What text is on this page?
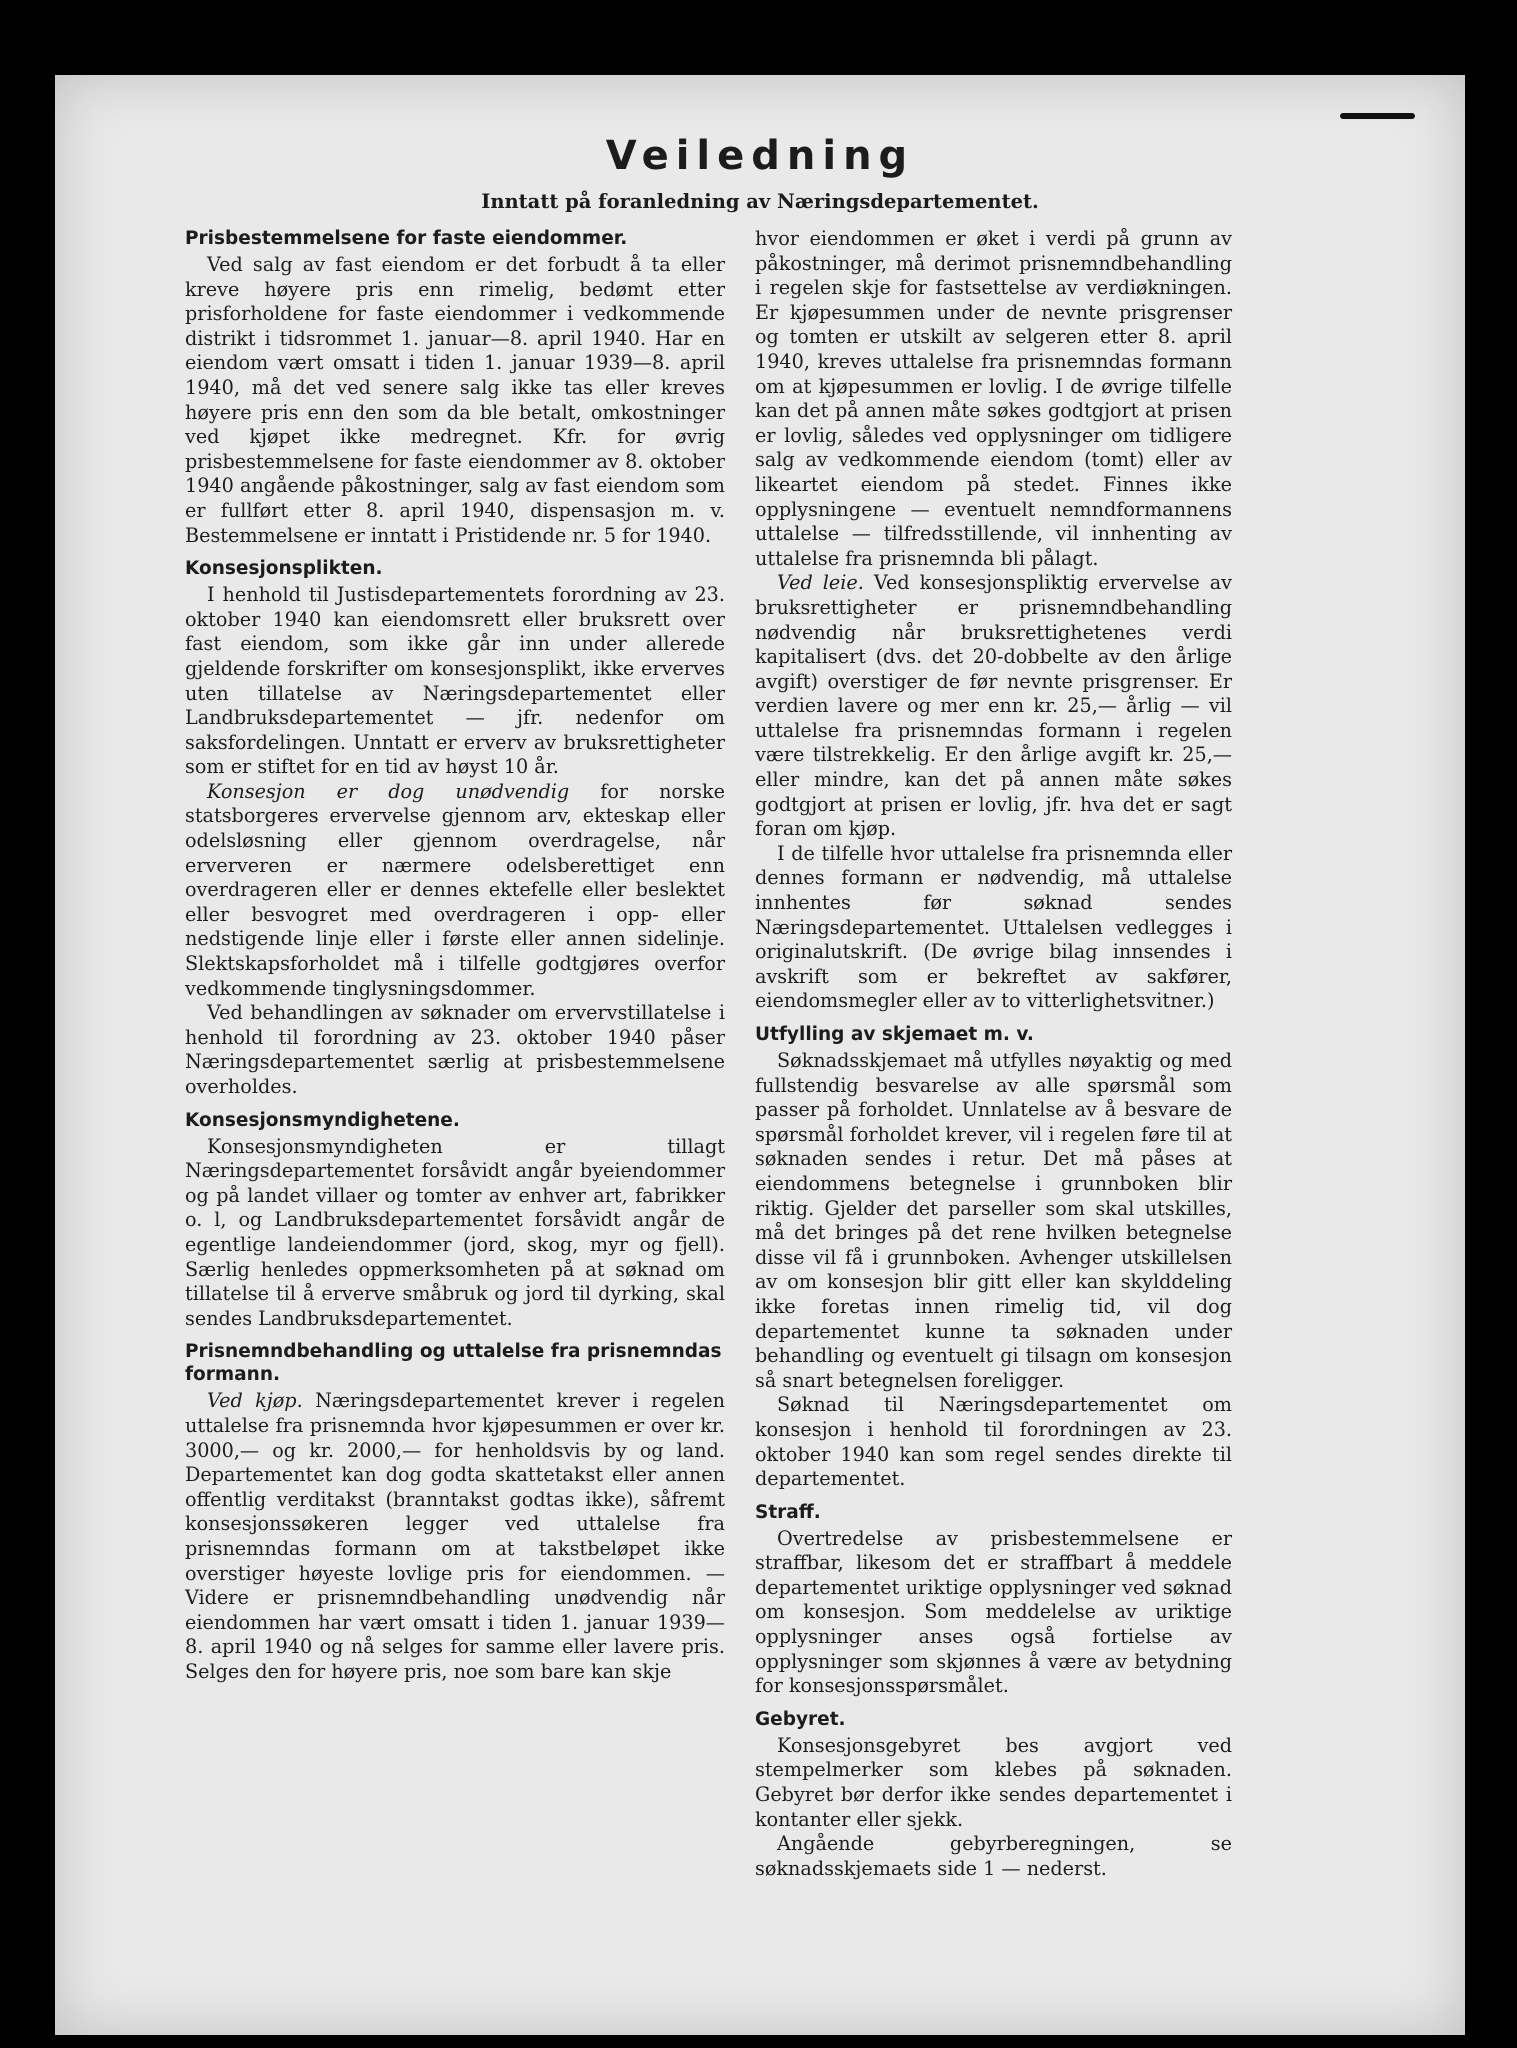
Veiledning

Inntatt på foranledning av Næringsdepartementet.

Prisbestemmelsene for faste eiendommer.

Ved salg av fast eiendom er det forbudt å ta eller kreve høyere pris enn rimelig, bedømt etter prisforholdene for faste eiendommer i vedkommende distrikt i tidsrommet 1. januar—8. april 1940. Har en eiendom vært omsatt i tiden 1. januar 1939—8. april 1940, må det ved senere salg ikke tas eller kreves høyere pris enn den som da ble betalt, omkostninger ved kjøpet ikke medregnet. Kfr. for øvrig prisbestemmelsene for faste eiendommer av 8. oktober 1940 angående påkostninger, salg av fast eiendom som er fullført etter 8. april 1940, dispensasjon m. v. Bestemmelsene er inntatt i Pristidende nr. 5 for 1940.

Konsesjonsplikten.

I henhold til Justisdepartementets forordning av 23. oktober 1940 kan eiendomsrett eller bruksrett over fast eiendom, som ikke går inn under allerede gjeldende forskrifter om konsesjonsplikt, ikke erverves uten tillatelse av Næringsdepartementet eller Landbruksdepartementet — jfr. nedenfor om saksfordelingen. Unntatt er erverv av bruksrettigheter som er stiftet for en tid av høyst 10 år.

Konsesjon er dog unødvendig for norske statsborgeres ervervelse gjennom arv, ekteskap eller odelsløsning eller gjennom overdragelse, når erververen er nærmere odelsberettiget enn overdrageren eller er dennes ektefelle eller beslektet eller besvogret med overdrageren i opp- eller nedstigende linje eller i første eller annen sidelinje. Slektskapsforholdet må i tilfelle godtgjøres overfor vedkommende tinglysningsdommer.

Ved behandlingen av søknader om ervervstillatelse i henhold til forordning av 23. oktober 1940 påser Næringsdepartementet særlig at prisbestemmelsene overholdes.

Konsesjonsmyndighetene.

Konsesjonsmyndigheten er tillagt Næringsdepartementet forsåvidt angår byeiendommer og på landet villaer og tomter av enhver art, fabrikker o. l, og Landbruksdepartementet forsåvidt angår de egentlige landeiendommer (jord, skog, myr og fjell). Særlig henledes oppmerksomheten på at søknad om tillatelse til å erverve småbruk og jord til dyrking, skal sendes Landbruksdepartementet.

Prisnemndbehandling og uttalelse fra prisnemndas formann.

Ved kjøp. Næringsdepartementet krever i regelen uttalelse fra prisnemnda hvor kjøpesummen er over kr. 3000,— og kr. 2000,— for henholdsvis by og land. Departementet kan dog godta skattetakst eller annen offentlig verditakst (branntakst godtas ikke), såfremt konsesjonssøkeren legger ved uttalelse fra prisnemndas formann om at takstbeløpet ikke overstiger høyeste lovlige pris for eiendommen. — Videre er prisnemndbehandling unødvendig når eiendommen har vært omsatt i tiden 1. januar 1939—8. april 1940 og nå selges for samme eller lavere pris. Selges den for høyere pris, noe som bare kan skje

hvor eiendommen er øket i verdi på grunn av påkostninger, må derimot prisnemndbehandling i regelen skje for fastsettelse av verdiøkningen. Er kjøpesummen under de nevnte prisgrenser og tomten er utskilt av selgeren etter 8. april 1940, kreves uttalelse fra prisnemndas formann om at kjøpesummen er lovlig. I de øvrige tilfelle kan det på annen måte søkes godtgjort at prisen er lovlig, således ved opplysninger om tidligere salg av vedkommende eiendom (tomt) eller av likeartet eiendom på stedet. Finnes ikke opplysningene — eventuelt nemndformannens uttalelse — tilfredsstillende, vil innhenting av uttalelse fra prisnemnda bli pålagt.

Ved leie. Ved konsesjonspliktig ervervelse av bruksrettigheter er prisnemndbehandling nødvendig når bruksrettighetenes verdi kapitalisert (dvs. det 20-dobbelte av den årlige avgift) overstiger de før nevnte prisgrenser. Er verdien lavere og mer enn kr. 25,— årlig — vil uttalelse fra prisnemndas formann i regelen være tilstrekkelig. Er den årlige avgift kr. 25,— eller mindre, kan det på annen måte søkes godtgjort at prisen er lovlig, jfr. hva det er sagt foran om kjøp.

I de tilfelle hvor uttalelse fra prisnemnda eller dennes formann er nødvendig, må uttalelse innhentes før søknad sendes Næringsdepartementet. Uttalelsen vedlegges i originalutskrift. (De øvrige bilag innsendes i avskrift som er bekreftet av sakfører, eiendomsmegler eller av to vitterlighetsvitner.)

Utfylling av skjemaet m. v.

Søknadsskjemaet må utfylles nøyaktig og med fullstendig besvarelse av alle spørsmål som passer på forholdet. Unnlatelse av å besvare de spørsmål forholdet krever, vil i regelen føre til at søknaden sendes i retur. Det må påses at eiendommens betegnelse i grunnboken blir riktig. Gjelder det parseller som skal utskilles, må det bringes på det rene hvilken betegnelse disse vil få i grunnboken. Avhenger utskillelsen av om konsesjon blir gitt eller kan skylddeling ikke foretas innen rimelig tid, vil dog departementet kunne ta søknaden under behandling og eventuelt gi tilsagn om konsesjon så snart betegnelsen foreligger.

Søknad til Næringsdepartementet om konsesjon i henhold til forordningen av 23. oktober 1940 kan som regel sendes direkte til departementet.

Straff.

Overtredelse av prisbestemmelsene er straffbar, likesom det er straffbart å meddele departementet uriktige opplysninger ved søknad om konsesjon. Som meddelelse av uriktige opplysninger anses også fortielse av opplysninger som skjønnes å være av betydning for konsesjonsspørsmålet.

Gebyret.

Konsesjonsgebyret bes avgjort ved stempelmerker som klebes på søknaden. Gebyret bør derfor ikke sendes departementet i kontanter eller sjekk.

Angående gebyrberegningen, se søknadsskjemaets side 1 — nederst.
